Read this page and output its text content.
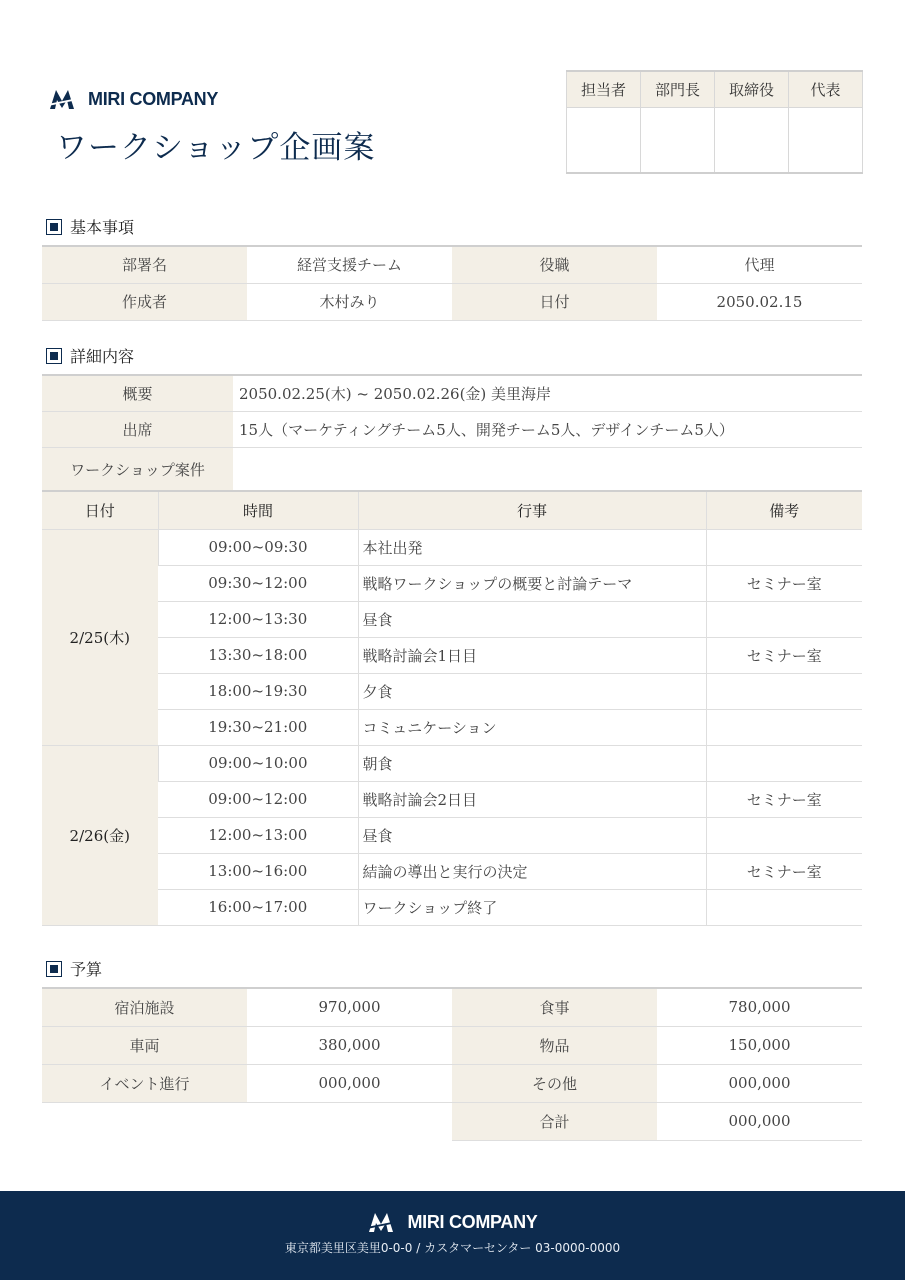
MIRI COMPANY
ワークショップ企画案
担当者	部門長	取締役	代表

基本事項
部署名	経営支援チーム	役職	代理
作成者	木村みり	日付	2050.02.15
詳細内容
概要	2050.02.25(木) ~ 2050.02.26(金) 美里海岸
出席	15人（マーケティングチーム5人、開発チーム5人、デザインチーム5人）
ワークショップ案件	
日付	時間	行事	備考
2/25(木)	09:00~09:30	本社出発	
	09:30~12:00	戦略ワークショップの概要と討論テーマ	セミナー室
	12:00~13:30	昼食	
	13:30~18:00	戦略討論会1日目	セミナー室
	18:00~19:30	夕食	
	19:30~21:00	コミュニケーション	
2/26(金)	09:00~10:00	朝食	
	09:00~12:00	戦略討論会2日目	セミナー室
	12:00~13:00	昼食	
	13:00~16:00	結論の導出と実行の決定	セミナー室
	16:00~17:00	ワークショップ終了	
予算
宿泊施設	970,000	食事	780,000
車両	380,000	物品	150,000
イベント進行	000,000	その他	000,000
		合計	000,000
MIRI COMPANY
東京都美里区美里0-0-0 / カスタマーセンター 03-0000-0000
